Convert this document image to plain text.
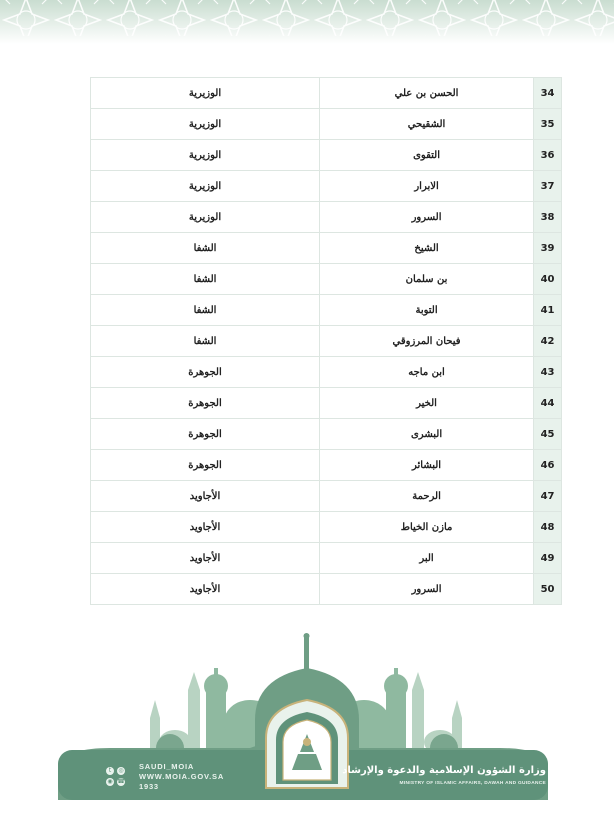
34	الحسن بن علي	الوزيرية
35	الشقيحي	الوزيرية
36	التقوى	الوزيرية
37	الابرار	الوزيرية
38	السرور	الوزيرية
39	الشيخ	الشفا
40	بن سلمان	الشفا
41	التوبة	الشفا
42	فيحان المرزوقي	الشفا
43	ابن ماجه	الجوهرة
44	الخير	الجوهرة
45	البشرى	الجوهرة
46	البشائر	الجوهرة
47	الرحمة	الأجاويد
48	مازن الخياط	الأجاويد
49	البر	الأجاويد
50	السرور	الأجاويد
t	◎
◉ ☎
SAUDI_MOIA
WWW.MOIA.GOV.SA
1933
وزارة الشؤون الإسلامية والدعوة والإرشاد
MINISTRY OF ISLAMIC AFFAIRS, DAWAH AND GUIDANCE
